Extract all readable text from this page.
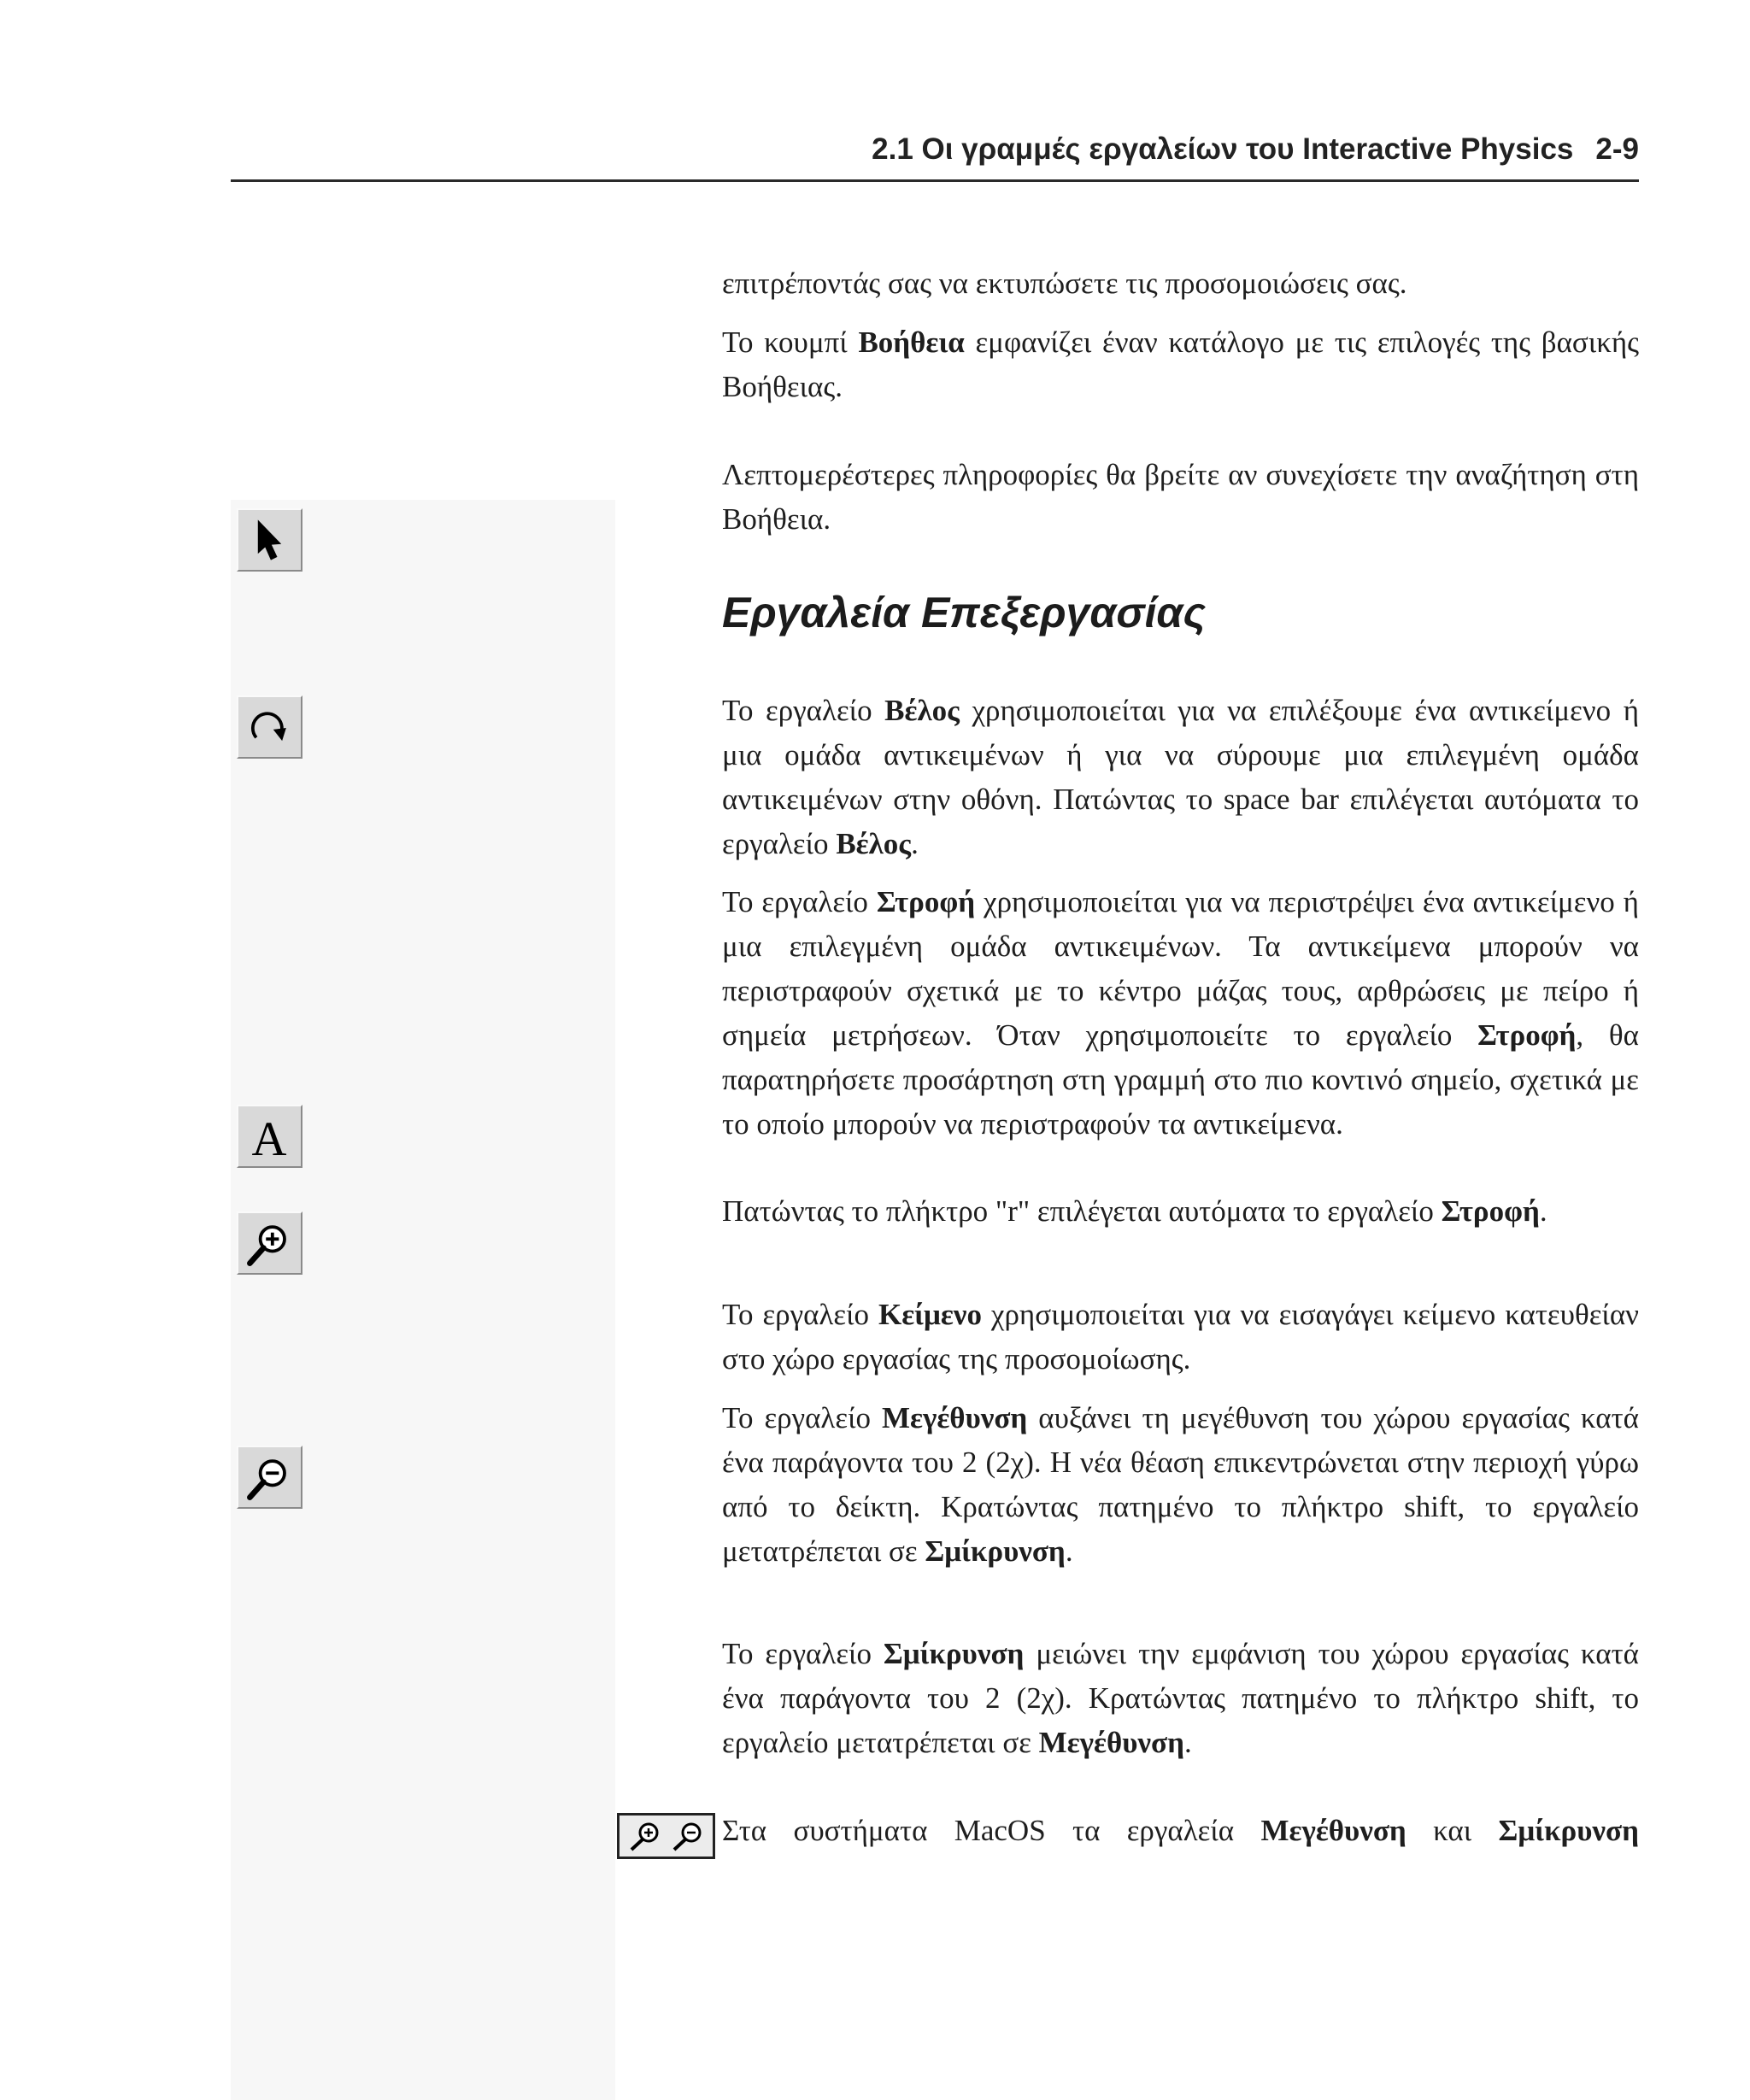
2.1 Οι γραμμές εργαλείων του Interactive Physics 2-9
A

επιτρέποντάς σας να εκτυπώσετε τις προσομοιώσεις σας.

Το κουμπί Βοήθεια εμφανίζει έναν κατάλογο με τις επιλογές της βασικής Βοήθειας.

Λεπτομερέστερες πληροφορίες θα βρείτε αν συνεχίσετε την αναζήτηση στη Βοήθεια.

Εργαλεία Επεξεργασίας

Το εργαλείο Βέλος χρησιμοποιείται για να επιλέξουμε ένα αντικείμενο ή μια ομάδα αντικειμένων ή για να σύρουμε μια επιλεγμένη ομάδα αντικειμένων στην οθόνη. Πατώντας το space bar επιλέγεται αυτόματα το εργαλείο Βέλος.

Το εργαλείο Στροφή χρησιμοποιείται για να περιστρέψει ένα αντικείμενο ή μια επιλεγμένη ομάδα αντικειμένων. Τα αντικείμενα μπορούν να περιστραφούν σχετικά με το κέντρο μάζας τους, αρθρώσεις με πείρο ή σημεία μετρήσεων. Όταν χρησιμοποιείτε το εργαλείο Στροφή, θα παρατηρήσετε προσάρτηση στη γραμμή στο πιο κοντινό σημείο, σχετικά με το οποίο μπορούν να περιστραφούν τα αντικείμενα.

Πατώντας το πλήκτρο "r" επιλέγεται αυτόματα το εργαλείο Στροφή.

Το εργαλείο Κείμενο χρησιμοποιείται για να εισαγάγει κείμενο κατευθείαν στο χώρο εργασίας της προσομοίωσης.

Το εργαλείο Μεγέθυνση αυξάνει τη μεγέθυνση του χώρου εργασίας κατά ένα παράγοντα του 2 (2χ). Η νέα θέαση επικεντρώνεται στην περιοχή γύρω από το δείκτη. Κρατώντας πατημένο το πλήκτρο shift, το εργαλείο μετατρέπεται σε Σμίκρυνση.

Το εργαλείο Σμίκρυνση μειώνει την εμφάνιση του χώρου εργασίας κατά ένα παράγοντα του 2 (2χ). Κρατώντας πατημένο το πλήκτρο shift, το εργαλείο μετατρέπεται σε Μεγέθυνση.

Στα συστήματα MacOS τα εργαλεία Μεγέθυνση και Σμίκρυνση
